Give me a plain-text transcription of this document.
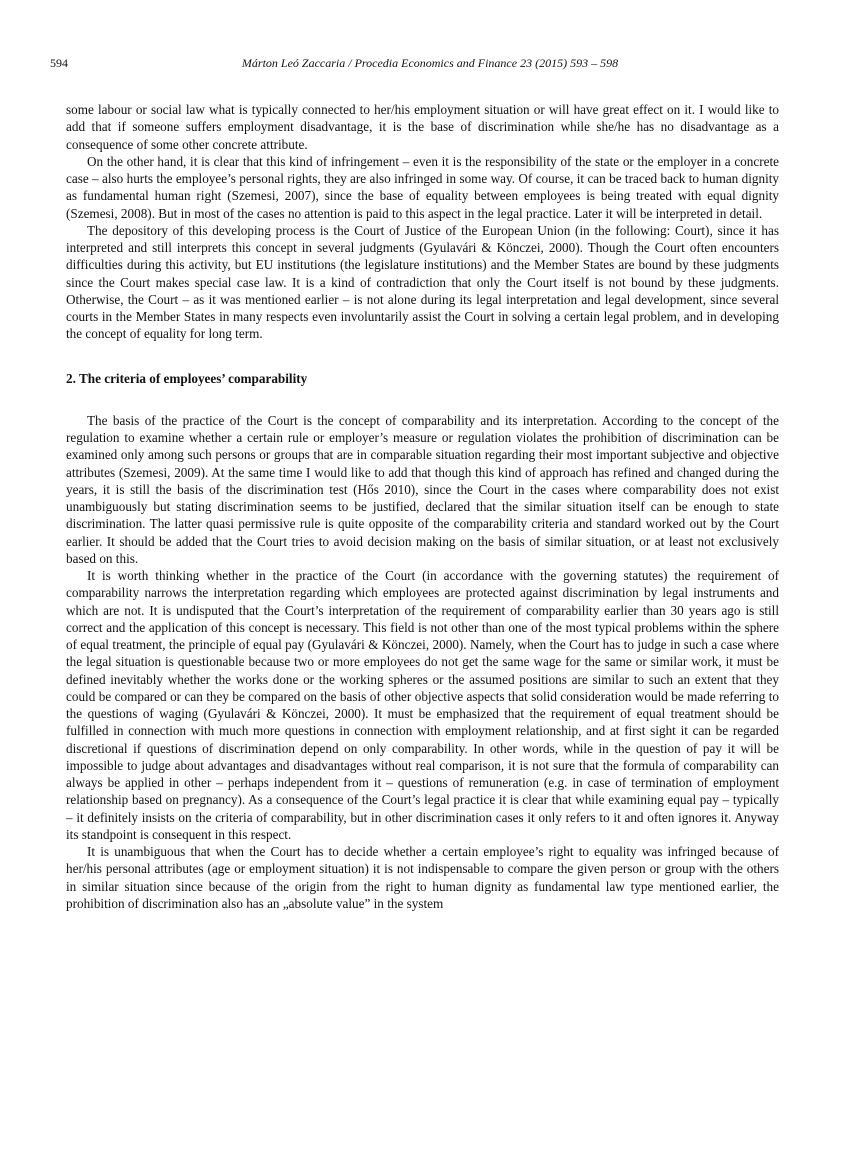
594	Márton Leó Zaccaria / Procedia Economics and Finance 23 (2015) 593 – 598

some labour or social law what is typically connected to her/his employment situation or will have great effect on it. I would like to add that if someone suffers employment disadvantage, it is the base of discrimination while she/he has no disadvantage as a consequence of some other concrete attribute.

On the other hand, it is clear that this kind of infringement – even it is the responsibility of the state or the employer in a concrete case – also hurts the employee’s personal rights, they are also infringed in some way. Of course, it can be traced back to human dignity as fundamental human right (Szemesi, 2007), since the base of equality between employees is being treated with equal dignity (Szemesi, 2008). But in most of the cases no attention is paid to this aspect in the legal practice. Later it will be interpreted in detail.

The depository of this developing process is the Court of Justice of the European Union (in the following: Court), since it has interpreted and still interprets this concept in several judgments (Gyulavári & Könczei, 2000). Though the Court often encounters difficulties during this activity, but EU institutions (the legislature institutions) and the Member States are bound by these judgments since the Court makes special case law. It is a kind of contradiction that only the Court itself is not bound by these judgments. Otherwise, the Court – as it was mentioned earlier – is not alone during its legal interpretation and legal development, since several courts in the Member States in many respects even involuntarily assist the Court in solving a certain legal problem, and in developing the concept of equality for long term.

2. The criteria of employees’ comparability

The basis of the practice of the Court is the concept of comparability and its interpretation. According to the concept of the regulation to examine whether a certain rule or employer’s measure or regulation violates the prohibition of discrimination can be examined only among such persons or groups that are in comparable situation regarding their most important subjective and objective attributes (Szemesi, 2009). At the same time I would like to add that though this kind of approach has refined and changed during the years, it is still the basis of the discrimination test (Hős 2010), since the Court in the cases where comparability does not exist unambiguously but stating discrimination seems to be justified, declared that the similar situation itself can be enough to state discrimination. The latter quasi permissive rule is quite opposite of the comparability criteria and standard worked out by the Court earlier. It should be added that the Court tries to avoid decision making on the basis of similar situation, or at least not exclusively based on this.

It is worth thinking whether in the practice of the Court (in accordance with the governing statutes) the requirement of comparability narrows the interpretation regarding which employees are protected against discrimination by legal instruments and which are not. It is undisputed that the Court’s interpretation of the requirement of comparability earlier than 30 years ago is still correct and the application of this concept is necessary. This field is not other than one of the most typical problems within the sphere of equal treatment, the principle of equal pay (Gyulavári & Könczei, 2000). Namely, when the Court has to judge in such a case where the legal situation is questionable because two or more employees do not get the same wage for the same or similar work, it must be defined inevitably whether the works done or the working spheres or the assumed positions are similar to such an extent that they could be compared or can they be compared on the basis of other objective aspects that solid consideration would be made referring to the questions of waging (Gyulavári & Könczei, 2000). It must be emphasized that the requirement of equal treatment should be fulfilled in connection with much more questions in connection with employment relationship, and at first sight it can be regarded discretional if questions of discrimination depend on only comparability. In other words, while in the question of pay it will be impossible to judge about advantages and disadvantages without real comparison, it is not sure that the formula of comparability can always be applied in other – perhaps independent from it – questions of remuneration (e.g. in case of termination of employment relationship based on pregnancy). As a consequence of the Court’s legal practice it is clear that while examining equal pay – typically – it definitely insists on the criteria of comparability, but in other discrimination cases it only refers to it and often ignores it. Anyway its standpoint is consequent in this respect.

It is unambiguous that when the Court has to decide whether a certain employee’s right to equality was infringed because of her/his personal attributes (age or employment situation) it is not indispensable to compare the given person or group with the others in similar situation since because of the origin from the right to human dignity as fundamental law type mentioned earlier, the prohibition of discrimination also has an „absolute value” in the system
